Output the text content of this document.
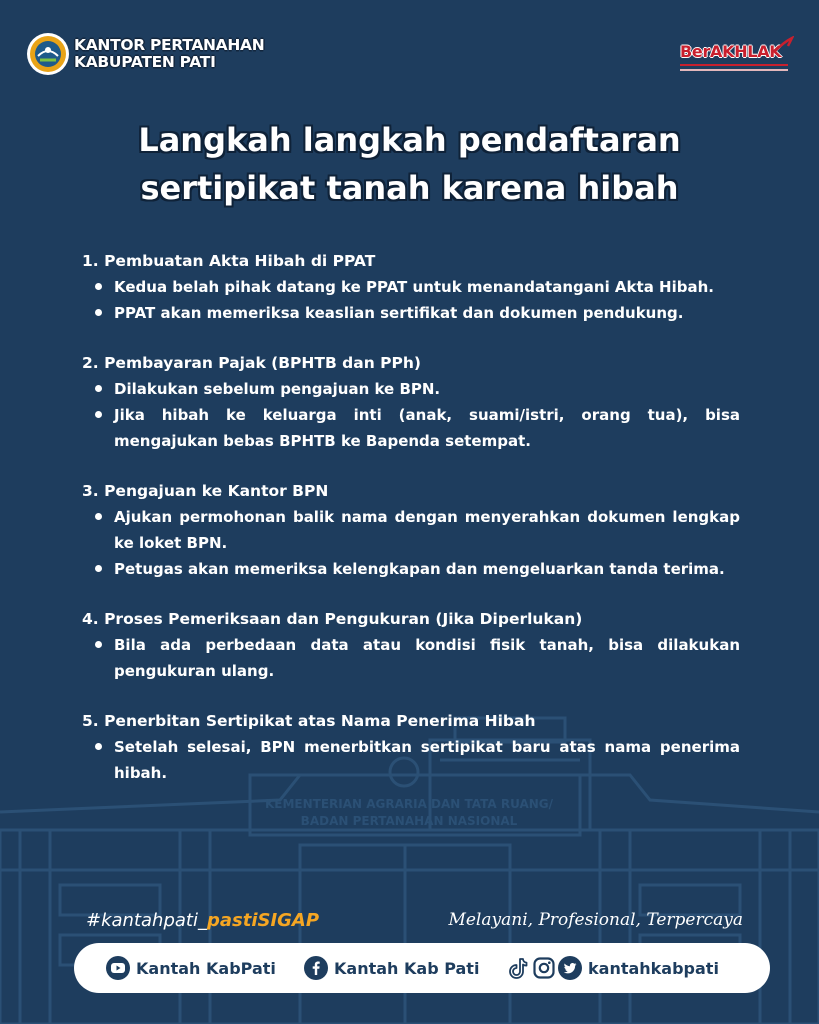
KEMENTERIAN AGRARIA DAN TATA RUANG/
BADAN PERTANAHAN NASIONAL
KANTOR PERTANAHAN
KABUPATEN PATI
BerAKHLAK
Langkah langkah pendaftaran
sertipikat tanah karena hibah
1. Pembuatan Akta Hibah di PPAT
Kedua belah pihak datang ke PPAT untuk menandatangani Akta Hibah.
PPAT akan memeriksa keaslian sertifikat dan dokumen pendukung.
2. Pembayaran Pajak (BPHTB dan PPh)
Dilakukan sebelum pengajuan ke BPN.
Jika hibah ke keluarga inti (anak, suami/istri, orang tua), bisa mengajukan bebas BPHTB ke Bapenda setempat.
3. Pengajuan ke Kantor BPN
Ajukan permohonan balik nama dengan menyerahkan dokumen lengkap ke loket BPN.
Petugas akan memeriksa kelengkapan dan mengeluarkan tanda terima.
4. Proses Pemeriksaan dan Pengukuran (Jika Diperlukan)
Bila ada perbedaan data atau kondisi fisik tanah, bisa dilakukan pengukuran ulang.
5. Penerbitan Sertipikat atas Nama Penerima Hibah
Setelah selesai, BPN menerbitkan sertipikat baru atas nama penerima hibah.
#kantahpati_pastiSIGAP	Melayani, Profesional, Terpercaya
Kantah KabPati	Kantah Kab Pati	kantahkabpati
